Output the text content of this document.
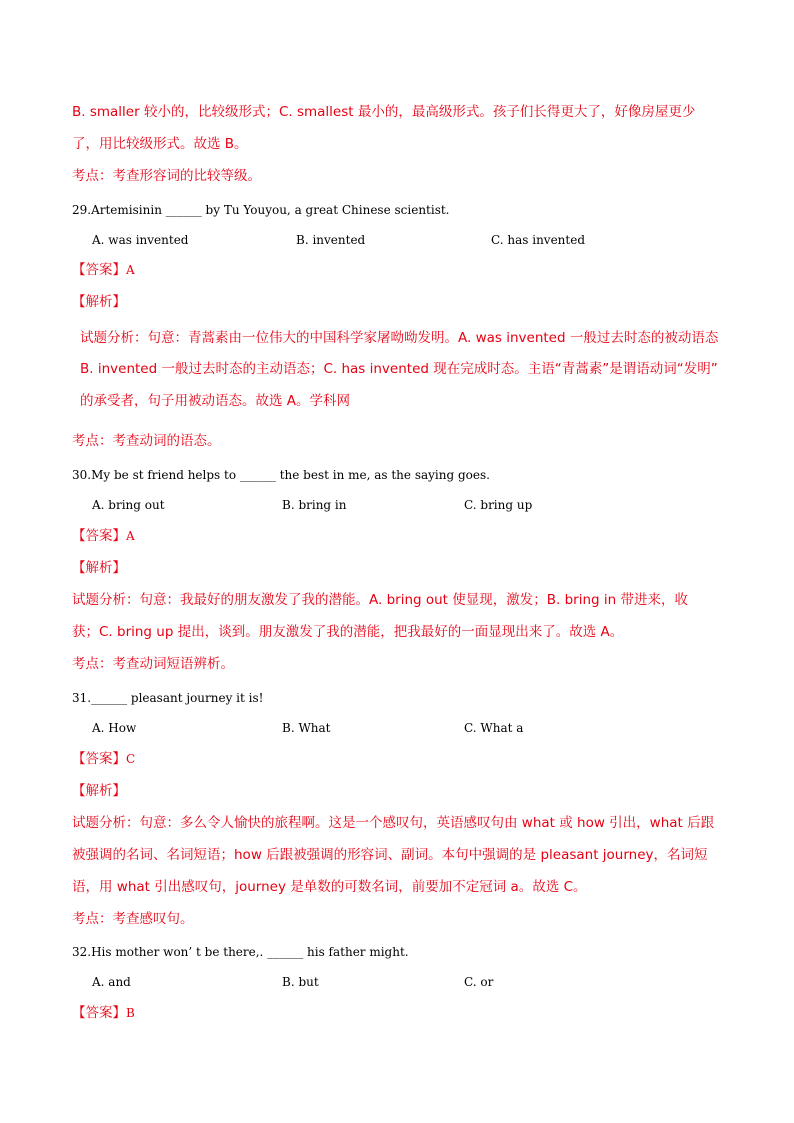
B. smaller 较小的，比较级形式；C. smallest 最小的，最高级形式。孩子们长得更大了，好像房屋更少
了，用比较级形式。故选 B。
考点：考查形容词的比较等级。
29.Artemisinin ______ by Tu Youyou, a great Chinese scientist.
A. was invented	B. invented	C. has invented
【答案】A
【解析】
试题分析：句意：青蒿素由一位伟大的中国科学家屠呦呦发明。A. was invented 一般过去时态的被动语态
B. invented 一般过去时态的主动语态；C. has invented 现在完成时态。主语“青蒿素”是谓语动词“发明”
的承受者，句子用被动语态。故选 A。学科网
考点：考查动词的语态。
30.My be st friend helps to ______ the best in me, as the saying goes.
A. bring out	B. bring in	C. bring up
【答案】A
【解析】
试题分析：句意：我最好的朋友激发了我的潜能。A. bring out 使显现，激发；B. bring in 带进来，收
获；C. bring up 提出，谈到。朋友激发了我的潜能，把我最好的一面显现出来了。故选 A。
考点：考查动词短语辨析。
31.______ pleasant journey it is!
A. How	B. What	C. What a
【答案】C
【解析】
试题分析：句意：多么令人愉快的旅程啊。这是一个感叹句，英语感叹句由 what 或 how 引出，what 后跟
被强调的名词、名词短语；how 后跟被强调的形容词、副词。本句中强调的是 pleasant journey，名词短
语，用 what 引出感叹句，journey 是单数的可数名词，前要加不定冠词 a。故选 C。
考点：考查感叹句。
32.His mother won’ t be there,. ______ his father might.
A. and	B. but	C. or
【答案】B
